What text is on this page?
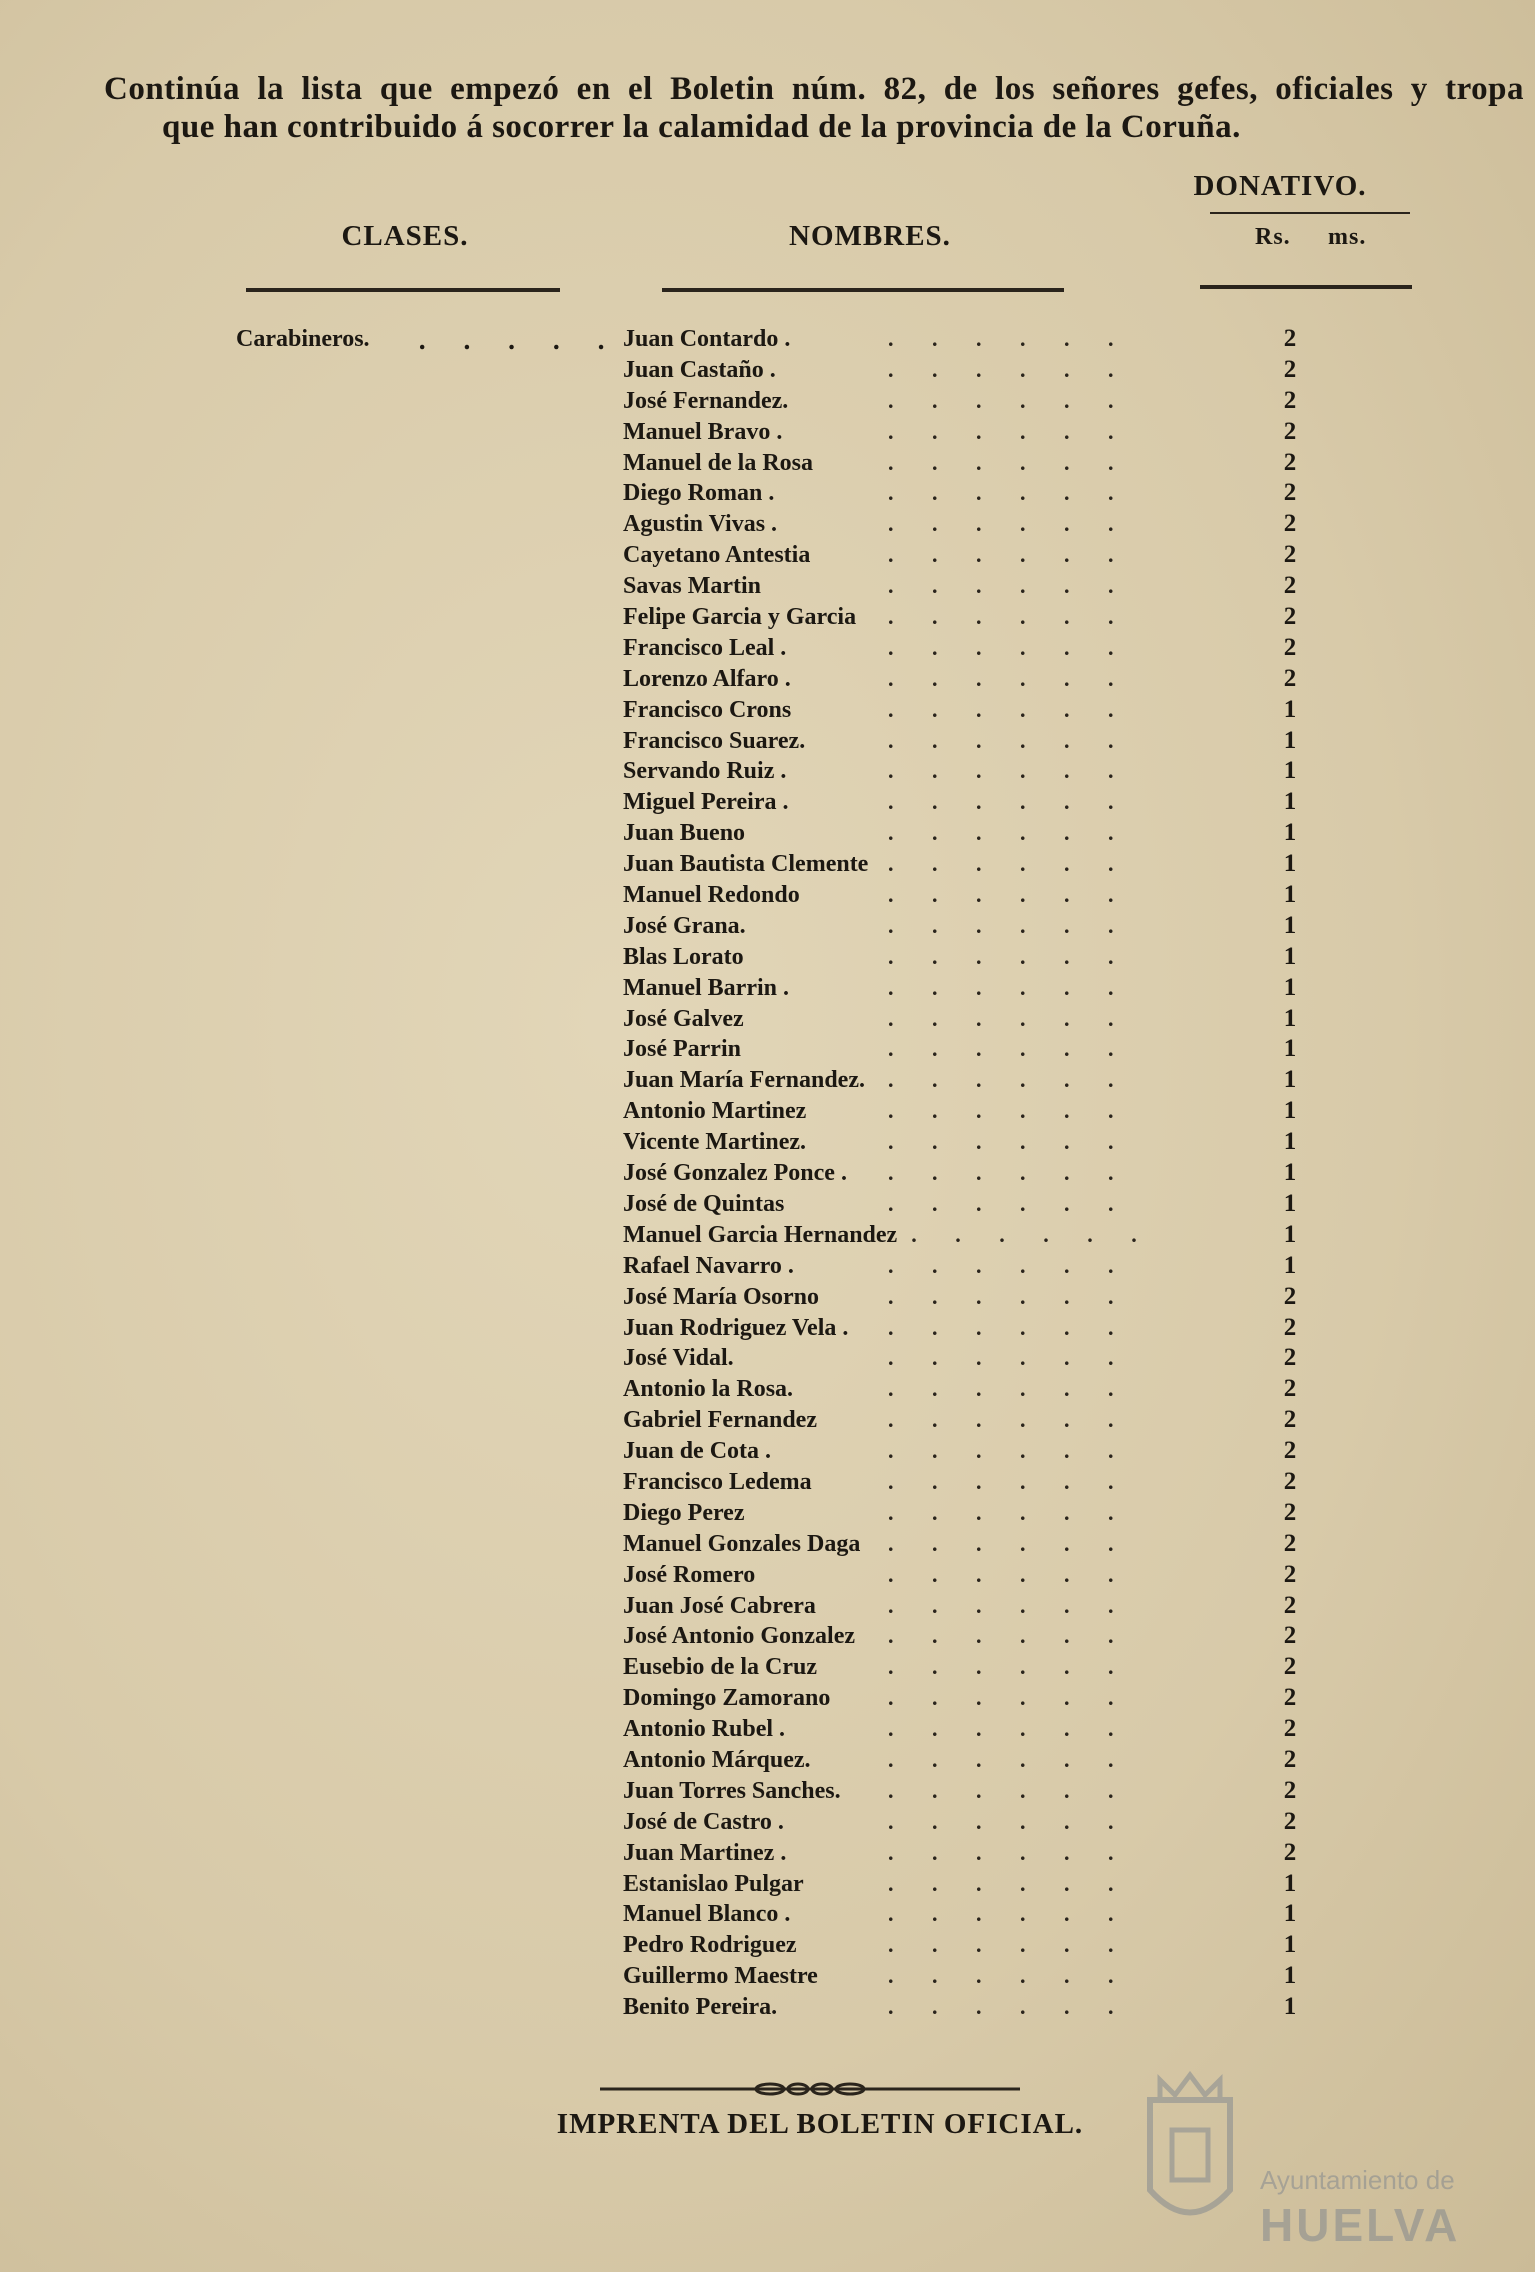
Continúa la lista que empezó en el Boletin núm. 82, de los señores gefes, oficiales y tropa
que han contribuido á socorrer la calamidad de la provincia de la Coruña.
DONATIVO.
CLASES.	NOMBRES.	Rs. ms.
Carabineros. . . . . .	.       .       .       .       .       .
Juan Contardo .	2
.       .       .       .       .       .
Juan Castaño .	2
.       .       .       .       .       .
José Fernandez.	2
.       .       .       .       .       .
Manuel Bravo .	2
.       .       .       .       .       .
Manuel de la Rosa	2
.       .       .       .       .       .
Diego Roman .	2
.       .       .       .       .       .
Agustin Vivas .	2
.       .       .       .       .       .
Cayetano Antestia	2
.       .       .       .       .       .
Savas Martin	2
.       .       .       .       .       .
Felipe Garcia y Garcia	2
.       .       .       .       .       .
Francisco Leal .	2
.       .       .       .       .       .
Lorenzo Alfaro .	2
.       .       .       .       .       .
Francisco Crons	1
.       .       .       .       .       .
Francisco Suarez.	1
.       .       .       .       .       .
Servando Ruiz .	1
.       .       .       .       .       .
Miguel Pereira .	1
.       .       .       .       .       .
Juan Bueno	1
.       .       .       .       .       .
Juan Bautista Clemente	1
.       .       .       .       .       .
Manuel Redondo	1
.       .       .       .       .       .
José Grana.	1
.       .       .       .       .       .
Blas Lorato	1
.       .       .       .       .       .
Manuel Barrin .	1
.       .       .       .       .       .
José Galvez	1
.       .       .       .       .       .
José Parrin	1
.       .       .       .       .       .
Juan María Fernandez.	1
.       .       .       .       .       .
Antonio Martinez	1
.       .       .       .       .       .
Vicente Martinez.	1
.       .       .       .       .       .
José Gonzalez Ponce .	1
.       .       .       .       .       .
José de Quintas	1
.       .       .       .       .       .
Manuel Garcia Hernandez	1
.       .       .       .       .       .
Rafael Navarro .	1
.       .       .       .       .       .
José María Osorno	2
.       .       .       .       .       .
Juan Rodriguez Vela .	2
.       .       .       .       .       .
José Vidal.	2
.       .       .       .       .       .
Antonio la Rosa.	2
.       .       .       .       .       .
Gabriel Fernandez	2
.       .       .       .       .       .
Juan de Cota .	2
.       .       .       .       .       .
Francisco Ledema	2
.       .       .       .       .       .
Diego Perez	2
.       .       .       .       .       .
Manuel Gonzales Daga	2
.       .       .       .       .       .
José Romero	2
.       .       .       .       .       .
Juan José Cabrera	2
.       .       .       .       .       .
José Antonio Gonzalez	2
.       .       .       .       .       .
Eusebio de la Cruz	2
.       .       .       .       .       .
Domingo Zamorano	2
.       .       .       .       .       .
Antonio Rubel .	2
.       .       .       .       .       .
Antonio Márquez.	2
.       .       .       .       .       .
Juan Torres Sanches.	2
.       .       .       .       .       .
José de Castro .	2
.       .       .       .       .       .
Juan Martinez .	2
.       .       .       .       .       .
Estanislao Pulgar	1
.       .       .       .       .       .
Manuel Blanco .	1
.       .       .       .       .       .
Pedro Rodriguez	1
.       .       .       .       .       .
Guillermo Maestre	1
.       .       .       .       .       .
Benito Pereira.	1
IMPRENTA DEL BOLETIN OFICIAL.
Ayuntamiento de
HUELVA
